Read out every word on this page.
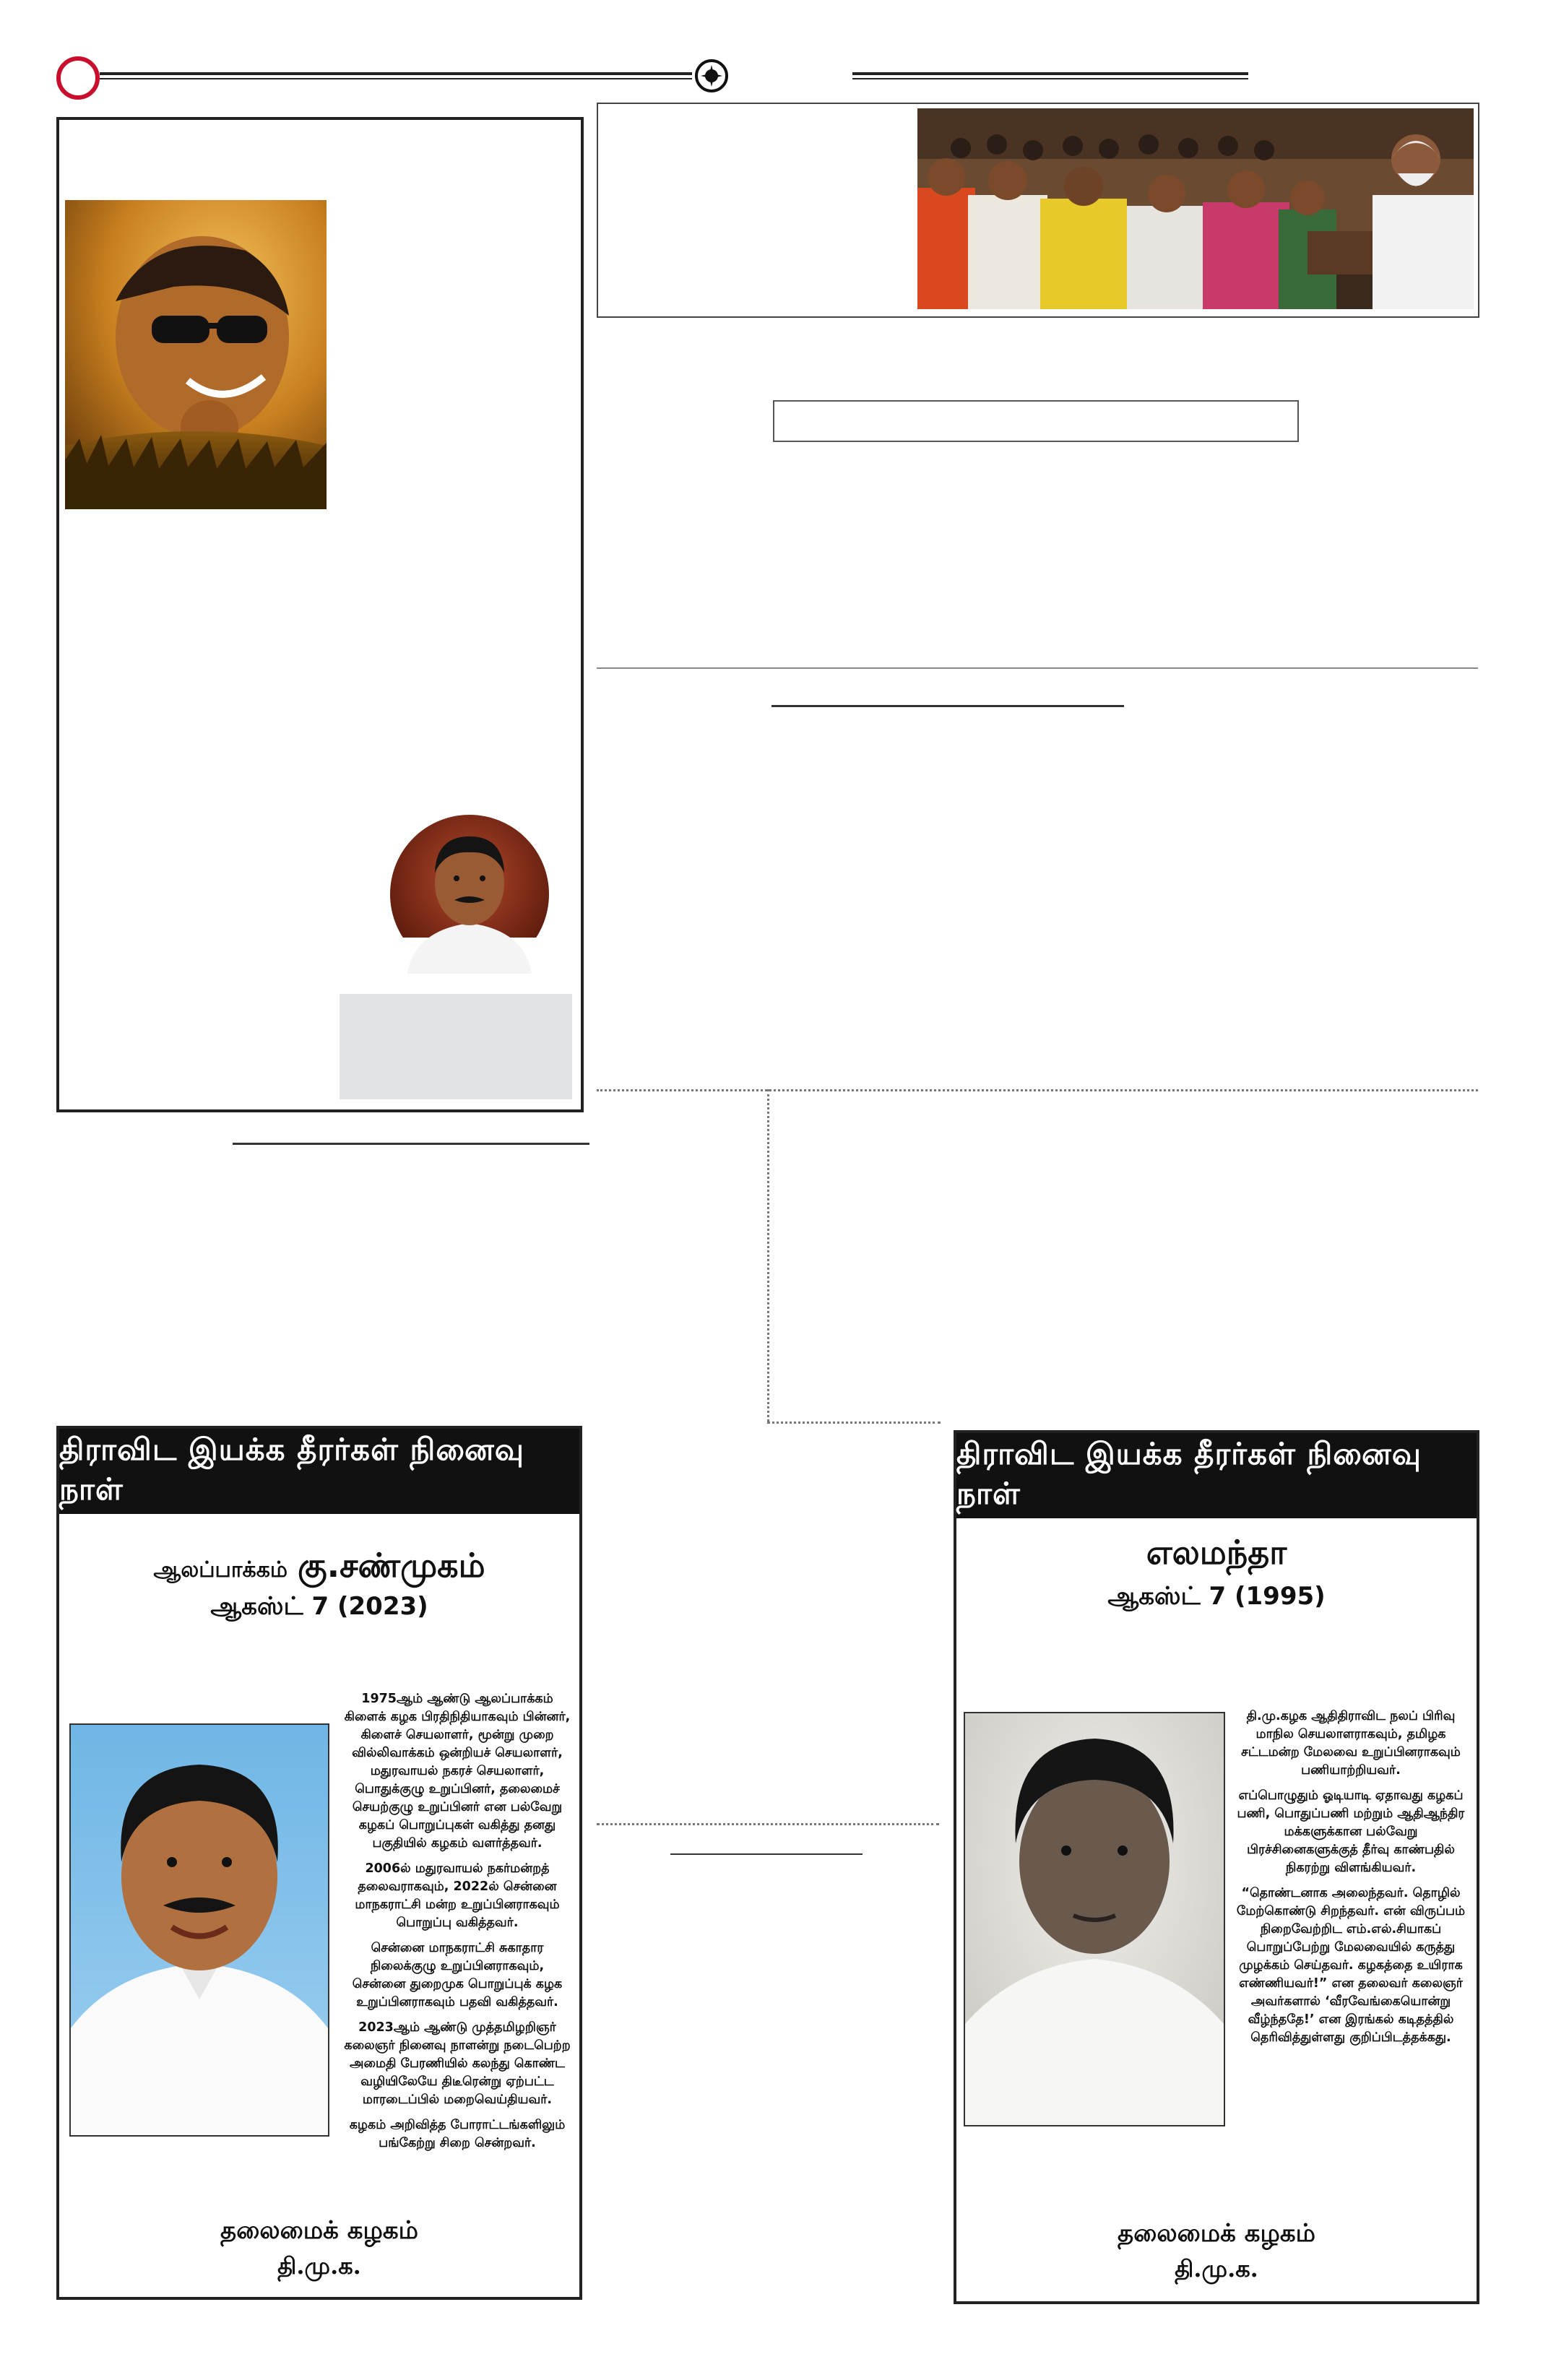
திராவிட இயக்க தீரர்கள் நினைவு நாள்
ஆலப்பாக்கம் கு.சண்முகம்
ஆகஸ்ட் 7 (2023)

1975ஆம் ஆண்டு ஆலப்பாக்கம் கிளைக் கழக பிரதிநிதியாகவும் பின்னர், கிளைச் செயலாளர், மூன்று முறை வில்லிவாக்கம் ஒன்றியச் செயலாளர், மதுரவாயல் நகரச் செயலாளர், பொதுக்குழு உறுப்பினர், தலைமைச் செயற்குழு உறுப்பினர் என பல்வேறு கழகப் பொறுப்புகள் வகித்து தனது பகுதியில் கழகம் வளர்த்தவர்.

2006ல் மதுரவாயல் நகர்மன்றத் தலைவராகவும், 2022ல் சென்னை மாநகராட்சி மன்ற உறுப்பினராகவும் பொறுப்பு வகித்தவர்.

சென்னை மாநகராட்சி சுகாதார நிலைக்குழு உறுப்பினராகவும், சென்னை துறைமுக பொறுப்புக் கழக உறுப்பினராகவும் பதவி வகித்தவர்.

2023ஆம் ஆண்டு முத்தமிழறிஞர் கலைஞர் நினைவு நாளன்று நடைபெற்ற அமைதி பேரணியில் கலந்து கொண்ட வழியிலேயே திடீரென்று ஏற்பட்ட மாரடைப்பில் மறைவெய்தியவர்.

கழகம் அறிவித்த போராட்டங்களிலும் பங்கேற்று சிறை சென்றவர்.

தலைமைக் கழகம்
தி.மு.க.
திராவிட இயக்க தீரர்கள் நினைவு நாள்
எலமந்தா
ஆகஸ்ட் 7 (1995)

தி.மு.கழக ஆதிதிராவிட நலப் பிரிவு மாநில செயலாளராகவும், தமிழக சட்டமன்ற மேலவை உறுப்பினராகவும் பணியாற்றியவர்.

எப்பொழுதும் ஓடியாடி ஏதாவது கழகப் பணி, பொதுப்பணி மற்றும் ஆதிஆந்திர மக்களுக்கான பல்வேறு பிரச்சினைகளுக்குத் தீர்வு காண்பதில் நிகரற்று விளங்கியவர்.

“தொண்டனாக அலைந்தவர். தொழில் மேற்கொண்டு சிறந்தவர். என் விருப்பம் நிறைவேற்றிட எம்.எல்.சியாகப் பொறுப்பேற்று மேலவையில் கருத்து முழக்கம் செய்தவர். கழகத்தை உயிராக எண்ணியவர்!” என தலைவர் கலைஞர் அவர்களால் ‘வீரவேங்கையொன்று வீழ்ந்ததே!’ என இரங்கல் கடிதத்தில் தெரிவித்துள்ளது குறிப்பிடத்தக்கது.

தலைமைக் கழகம்
தி.மு.க.
